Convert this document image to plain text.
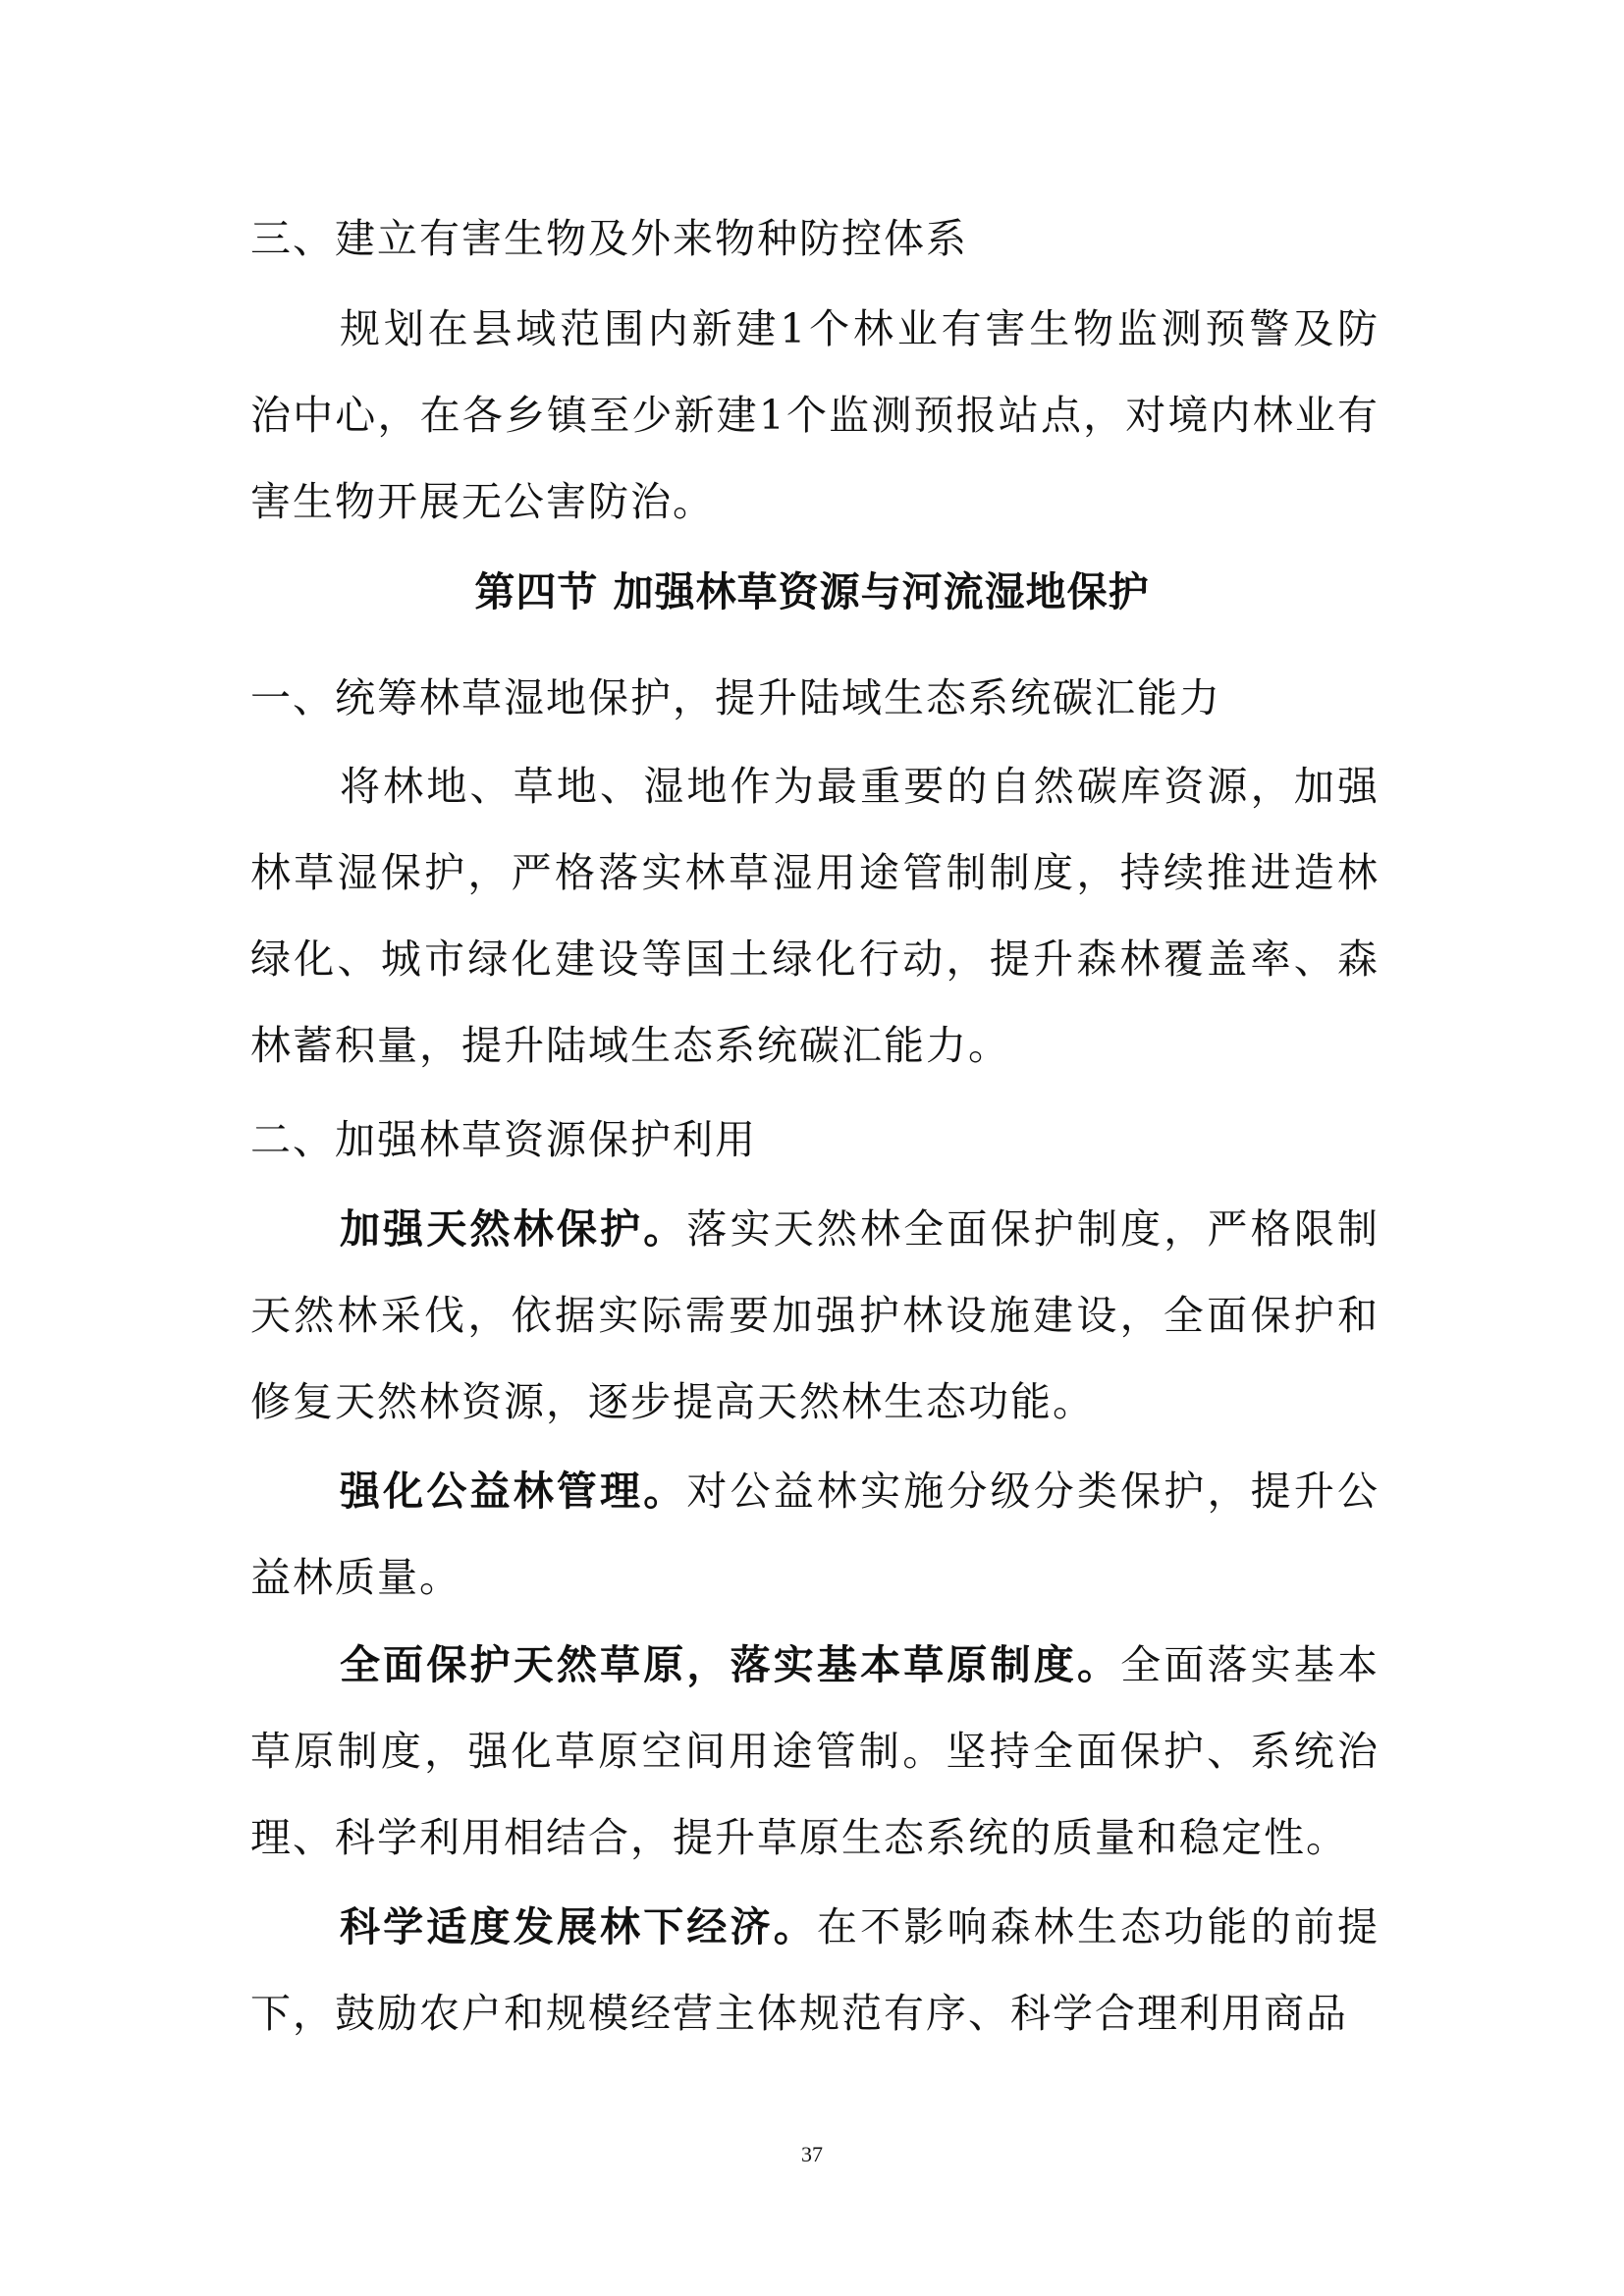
三、建立有害生物及外来物种防控体系

规划在县域范围内新建1个林业有害生物监测预警及防治中心，在各乡镇至少新建1个监测预报站点，对境内林业有害生物开展无公害防治。

第四节 加强林草资源与河流湿地保护
一、统筹林草湿地保护，提升陆域生态系统碳汇能力

将林地、草地、湿地作为最重要的自然碳库资源，加强林草湿保护，严格落实林草湿用途管制制度，持续推进造林绿化、城市绿化建设等国土绿化行动，提升森林覆盖率、森林蓄积量，提升陆域生态系统碳汇能力。

二、加强林草资源保护利用

加强天然林保护。落实天然林全面保护制度，严格限制天然林采伐，依据实际需要加强护林设施建设，全面保护和修复天然林资源，逐步提高天然林生态功能。

强化公益林管理。对公益林实施分级分类保护，提升公益林质量。

全面保护天然草原，落实基本草原制度。全面落实基本草原制度，强化草原空间用途管制。坚持全面保护、系统治理、科学利用相结合，提升草原生态系统的质量和稳定性。

科学适度发展林下经济。在不影响森林生态功能的前提下，鼓励农户和规模经营主体规范有序、科学合理利用商品

37
